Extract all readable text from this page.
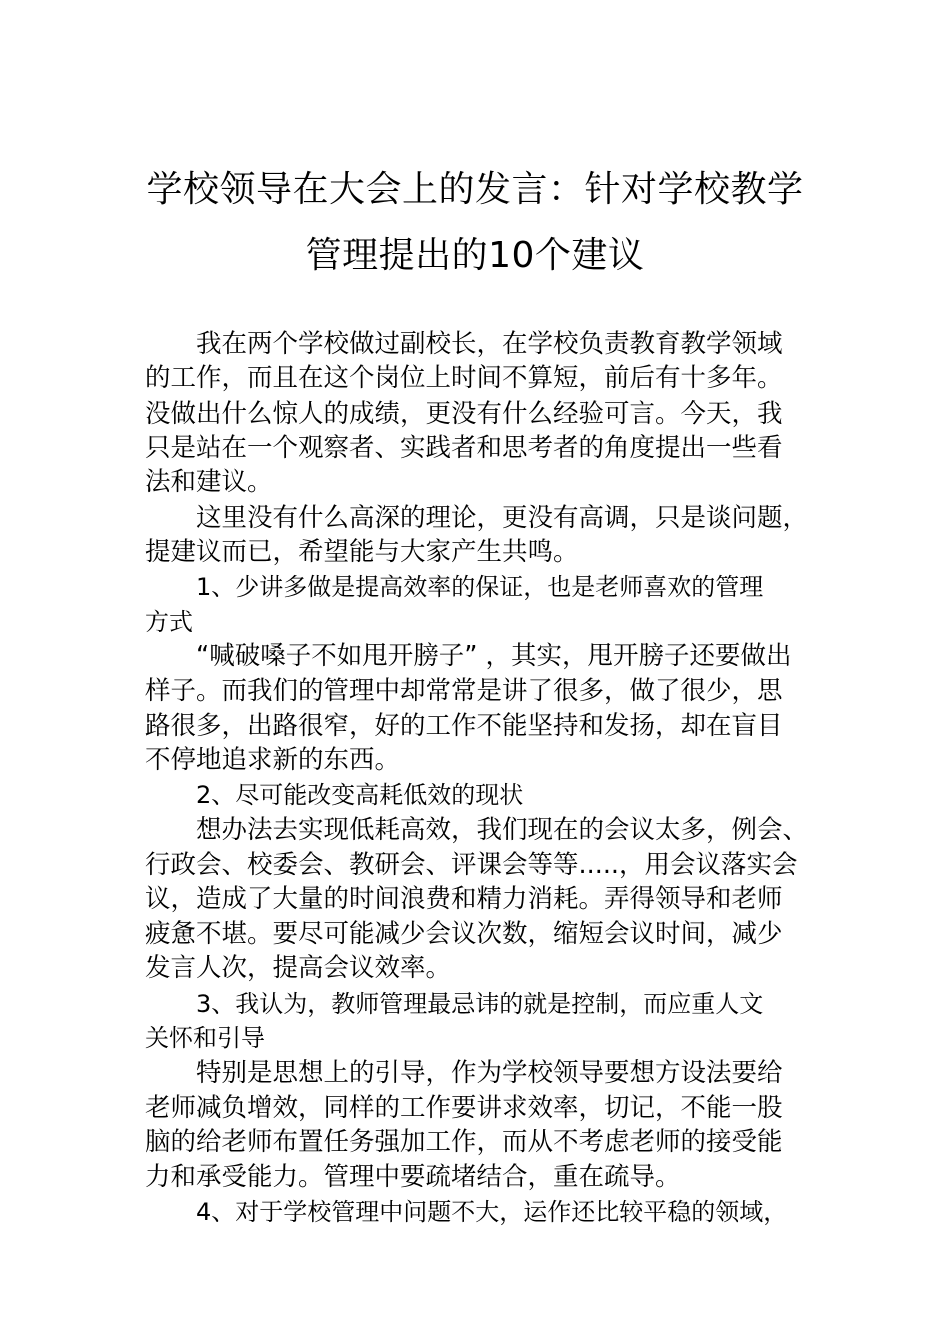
学校领导在大会上的发言：针对学校教学
管理提出的10个建议
我在两个学校做过副校长，在学校负责教育教学领域
的工作，而且在这个岗位上时间不算短，前后有十多年。
没做出什么惊人的成绩，更没有什么经验可言。今天，我
只是站在一个观察者、实践者和思考者的角度提出一些看
法和建议。
这里没有什么高深的理论，更没有高调，只是谈问题，
提建议而已，希望能与大家产生共鸣。
1、少讲多做是提高效率的保证，也是老师喜欢的管理
方式
“喊破嗓子不如甩开膀子” ，其实，甩开膀子还要做出
样子。而我们的管理中却常常是讲了很多，做了很少，思
路很多，出路很窄，好的工作不能坚持和发扬，却在盲目
不停地追求新的东西。
2、尽可能改变高耗低效的现状
想办法去实现低耗高效，我们现在的会议太多，例会、
行政会、校委会、教研会、评课会等等.....，用会议落实会
议，造成了大量的时间浪费和精力消耗。弄得领导和老师
疲惫不堪。要尽可能减少会议次数，缩短会议时间，减少
发言人次，提高会议效率。
3、我认为，教师管理最忌讳的就是控制，而应重人文
关怀和引导
特别是思想上的引导，作为学校领导要想方设法要给
老师减负增效，同样的工作要讲求效率，切记，不能一股
脑的给老师布置任务强加工作，而从不考虑老师的接受能
力和承受能力。管理中要疏堵结合，重在疏导。
4、对于学校管理中问题不大，运作还比较平稳的领域，
